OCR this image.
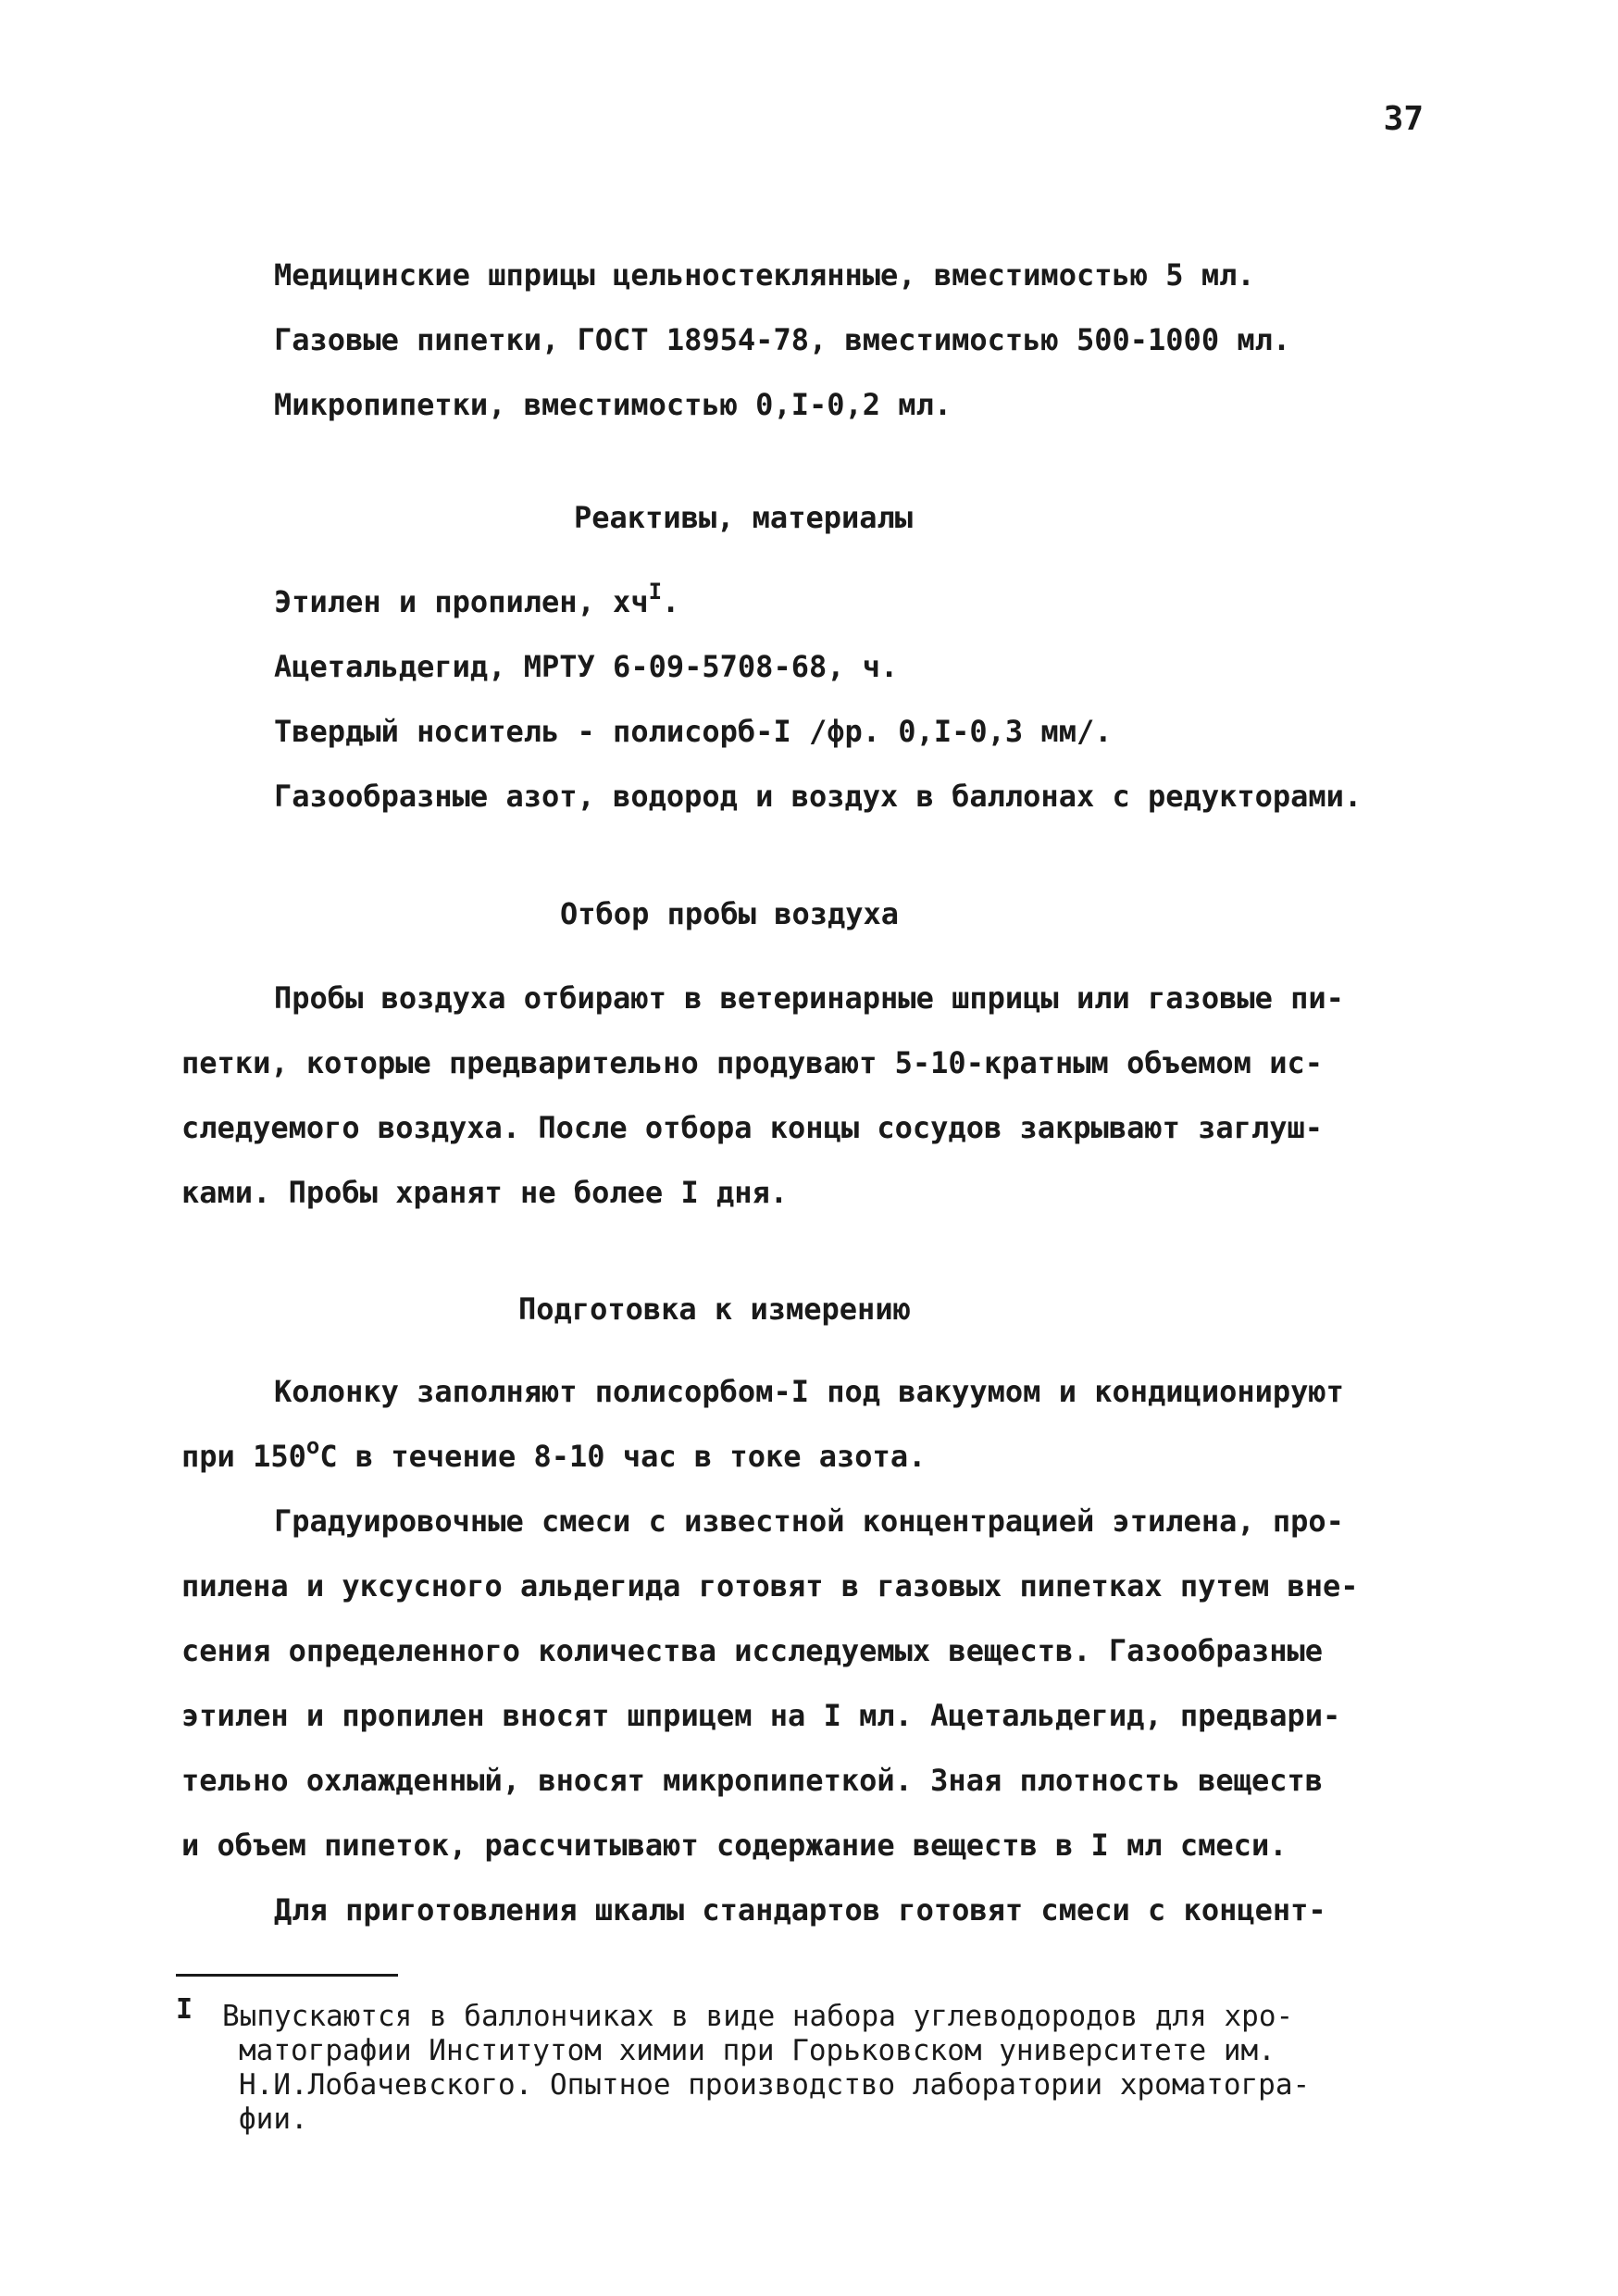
37
Медицинские шприцы цельностеклянные, вместимостью 5 мл.
Газовые пипетки, ГОСТ 18954-78, вместимостью 500-1000 мл.
Микропипетки, вместимостью 0,I-0,2 мл.
Реактивы, материалы
Этилен и пропилен, $хч^I$.
Ацетальдегид, МРТУ 6-09-5708-68, ч.
Твердый носитель - полисорб-I /фр. 0,I-0,3 мм/.
Газообразные азот, водород и воздух в баллонах с редукторами.
Отбор пробы воздуха
Пробы воздуха отбирают в ветеринарные шприцы или газовые пи-
петки, которые предварительно продувают 5-10-кратным объемом ис-
следуемого воздуха. После отбора концы сосудов закрывают заглуш-
ками. Пробы хранят не более I дня.
Подготовка к измерению
Колонку заполняют полисорбом-I под вакуумом и кондиционируют
при $150^оС$ в течение 8-10 час в токе азота.
Градуировочные смеси с известной концентрацией этилена, про-
пилена и уксусного альдегида готовят в газовых пипетках путем вне-
сения определенного количества исследуемых веществ. Газообразные
этилен и пропилен вносят шприцем на I мл. Ацетальдегид, предвари-
тельно охлажденный, вносят микропипеткой. Зная плотность веществ
и объем пипеток, рассчитывают содержание веществ в I мл смеси.
Для приготовления шкалы стандартов готовят смеси с концент-
I	Выпускаются в баллончиках в виде набора углеводородов для хро-
матографии Институтом химии при Горьковском университете им.
Н.И.Лобачевского. Опытное производство лаборатории хроматогра-
фии.
